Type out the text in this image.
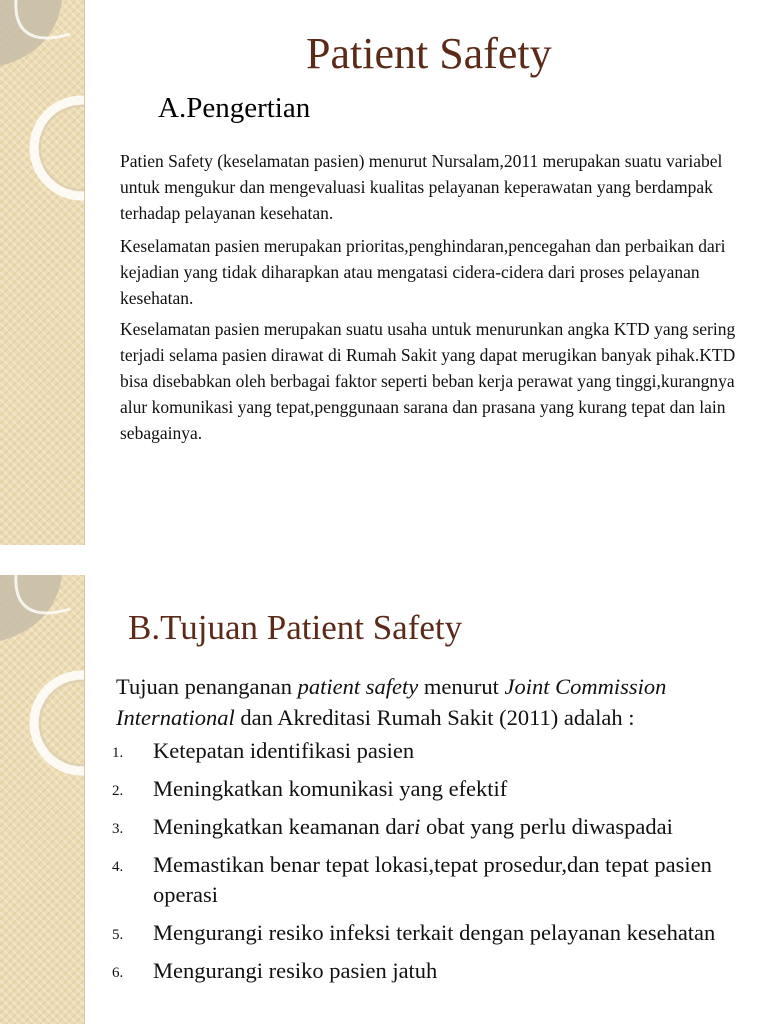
Patient Safety
A.Pengertian

Patien Safety (keselamatan pasien) menurut Nursalam,2011 merupakan suatu variabel untuk mengukur dan mengevaluasi kualitas pelayanan keperawatan yang berdampak terhadap pelayanan kesehatan.

Keselamatan pasien merupakan prioritas,penghindaran,pencegahan dan perbaikan dari kejadian yang tidak diharapkan atau mengatasi cidera-cidera dari proses pelayanan kesehatan.

Keselamatan pasien merupakan suatu usaha untuk menurunkan angka KTD yang sering terjadi selama pasien dirawat di Rumah Sakit yang dapat merugikan banyak pihak.KTD bisa disebabkan oleh berbagai faktor seperti beban kerja perawat yang tinggi,kurangnya alur komunikasi yang tepat,penggunaan sarana dan prasana yang kurang tepat dan lain sebagainya.

B.Tujuan Patient Safety

Tujuan penanganan patient safety menurut Joint Commission International dan Akreditasi Rumah Sakit (2011) adalah :

1. Ketepatan identifikasi pasien
2. Meningkatkan komunikasi yang efektif
3. Meningkatkan keamanan dari obat yang perlu diwaspadai
4. Memastikan benar tepat lokasi,tepat prosedur,dan tepat pasien operasi
5. Mengurangi resiko infeksi terkait dengan pelayanan kesehatan
6. Mengurangi resiko pasien jatuh
